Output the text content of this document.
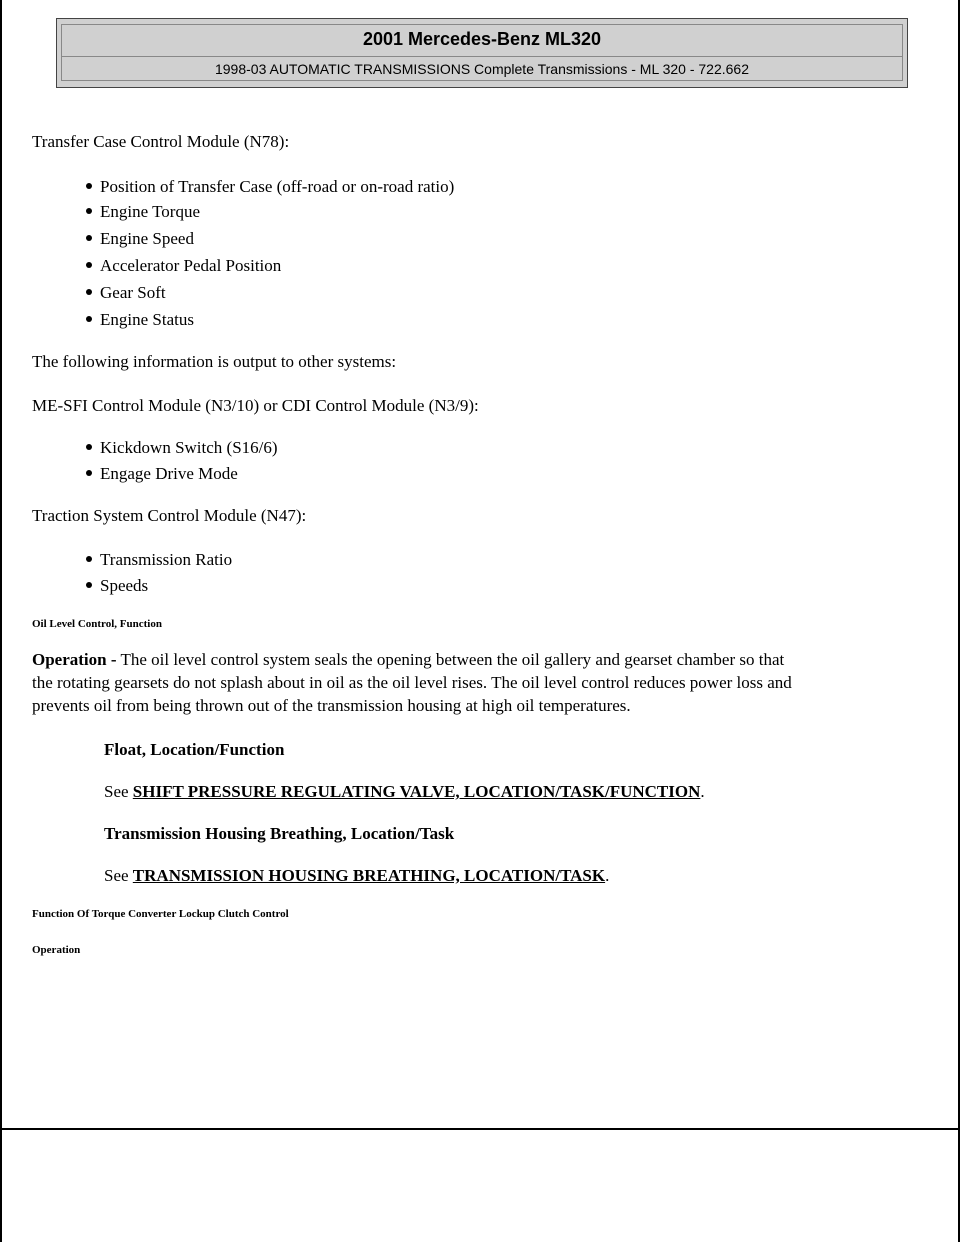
2001 Mercedes-Benz ML320
1998-03 AUTOMATIC TRANSMISSIONS Complete Transmissions - ML 320 - 722.662
Transfer Case Control Module (N78):
Position of Transfer Case (off-road or on-road ratio)
Engine Torque
Engine Speed
Accelerator Pedal Position
Gear Soft
Engine Status
The following information is output to other systems:
ME-SFI Control Module (N3/10) or CDI Control Module (N3/9):
Kickdown Switch (S16/6)
Engage Drive Mode
Traction System Control Module (N47):
Transmission Ratio
Speeds
Oil Level Control, Function
Operation - The oil level control system seals the opening between the oil gallery and gearset chamber so that
the rotating gearsets do not splash about in oil as the oil level rises. The oil level control reduces power loss and
prevents oil from being thrown out of the transmission housing at high oil temperatures.
Float, Location/Function
See SHIFT PRESSURE REGULATING VALVE, LOCATION/TASK/FUNCTION.
Transmission Housing Breathing, Location/Task
See TRANSMISSION HOUSING BREATHING, LOCATION/TASK.
Function Of Torque Converter Lockup Clutch Control
Operation
